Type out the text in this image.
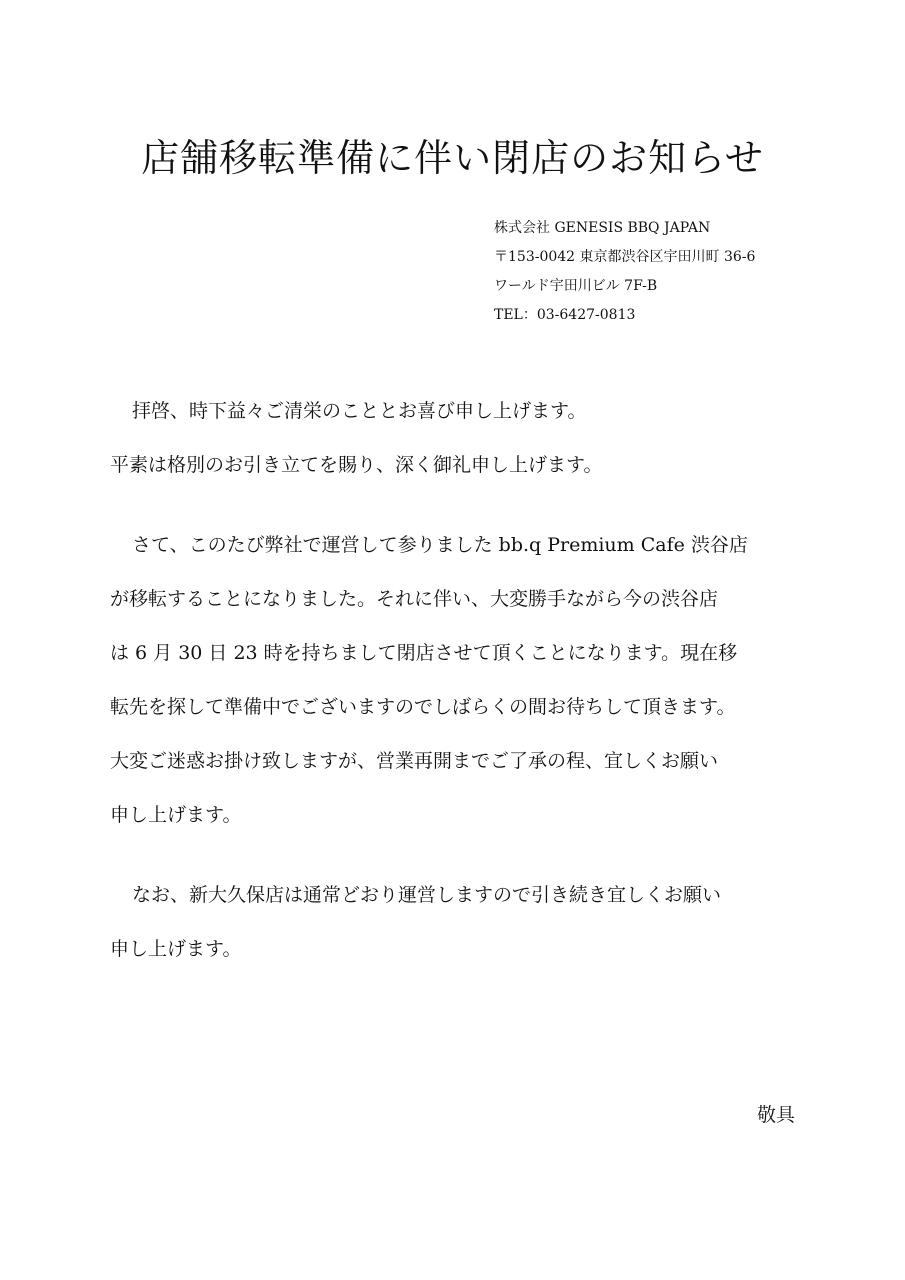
店舗移転準備に伴い閉店のお知らせ
株式会社 GENESIS BBQ JAPAN
〒153-0042 東京都渋谷区宇田川町 36-6
ワールド宇田川ビル 7F-B
TEL：03-6427-0813

拝啓、時下益々ご清栄のこととお喜び申し上げます。

平素は格別のお引き立てを賜り、深く御礼申し上げます。

さて、このたび弊社で運営して参りました bb.q Premium Cafe 渋谷店

が移転することになりました。それに伴い、大変勝手ながら今の渋谷店

は 6 月 30 日 23 時を持ちまして閉店させて頂くことになります。現在移

転先を探して準備中でございますのでしばらくの間お待ちして頂きます。

大変ご迷惑お掛け致しますが、営業再開までご了承の程、宜しくお願い

申し上げます。

なお、新大久保店は通常どおり運営しますので引き続き宜しくお願い

申し上げます。

敬具
